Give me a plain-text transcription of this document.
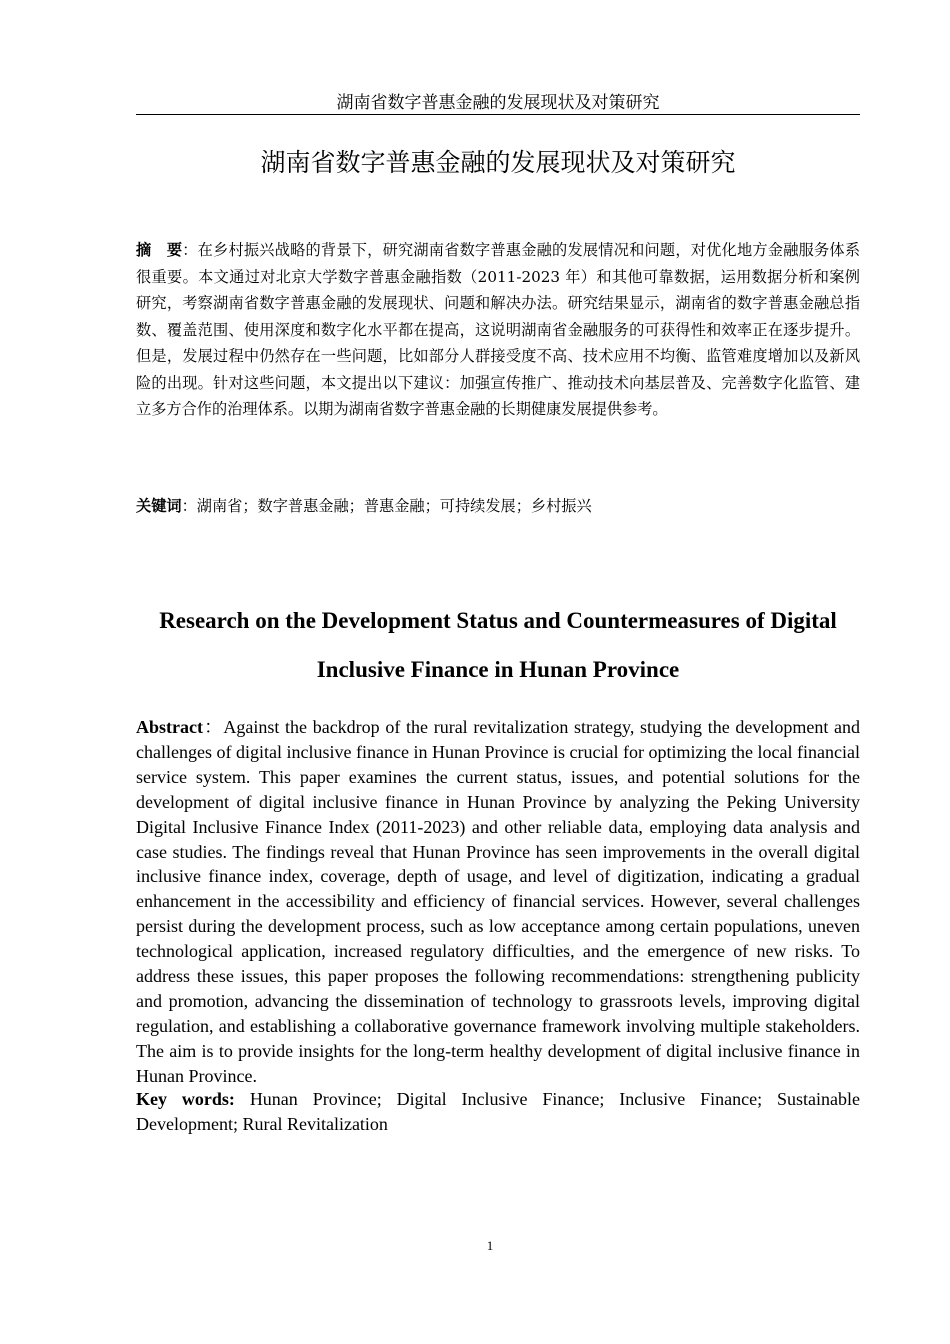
湖南省数字普惠金融的发展现状及对策研究
湖南省数字普惠金融的发展现状及对策研究

摘　要：在乡村振兴战略的背景下，研究湖南省数字普惠金融的发展情况和问题，对优化地方金融服务体系很重要。本文通过对北京大学数字普惠金融指数（2011-2023 年）和其他可靠数据，运用数据分析和案例研究，考察湖南省数字普惠金融的发展现状、问题和解决办法。研究结果显示，湖南省的数字普惠金融总指数、覆盖范围、使用深度和数字化水平都在提高，这说明湖南省金融服务的可获得性和效率正在逐步提升。但是，发展过程中仍然存在一些问题，比如部分人群接受度不高、技术应用不均衡、监管难度增加以及新风险的出现。针对这些问题，本文提出以下建议：加强宣传推广、推动技术向基层普及、完善数字化监管、建立多方合作的治理体系。以期为湖南省数字普惠金融的长期健康发展提供参考。

关键词：湖南省；数字普惠金融；普惠金融；可持续发展；乡村振兴

Research on the Development Status and Countermeasures of Digital Inclusive Finance in Hunan Province

Abstract：Against the backdrop of the rural revitalization strategy, studying the development and challenges of digital inclusive finance in Hunan Province is crucial for optimizing the local financial service system. This paper examines the current status, issues, and potential solutions for the development of digital inclusive finance in Hunan Province by analyzing the Peking University Digital Inclusive Finance Index (2011-2023) and other reliable data, employing data analysis and case studies. The findings reveal that Hunan Province has seen improvements in the overall digital inclusive finance index, coverage, depth of usage, and level of digitization, indicating a gradual enhancement in the accessibility and efficiency of financial services. However, several challenges persist during the development process, such as low acceptance among certain populations, uneven technological application, increased regulatory difficulties, and the emergence of new risks. To address these issues, this paper proposes the following recommendations: strengthening publicity and promotion, advancing the dissemination of technology to grassroots levels, improving digital regulation, and establishing a collaborative governance framework involving multiple stakeholders. The aim is to provide insights for the long-term healthy development of digital inclusive finance in Hunan Province.

Key words: Hunan Province; Digital Inclusive Finance; Inclusive Finance; Sustainable Development; Rural Revitalization

1
